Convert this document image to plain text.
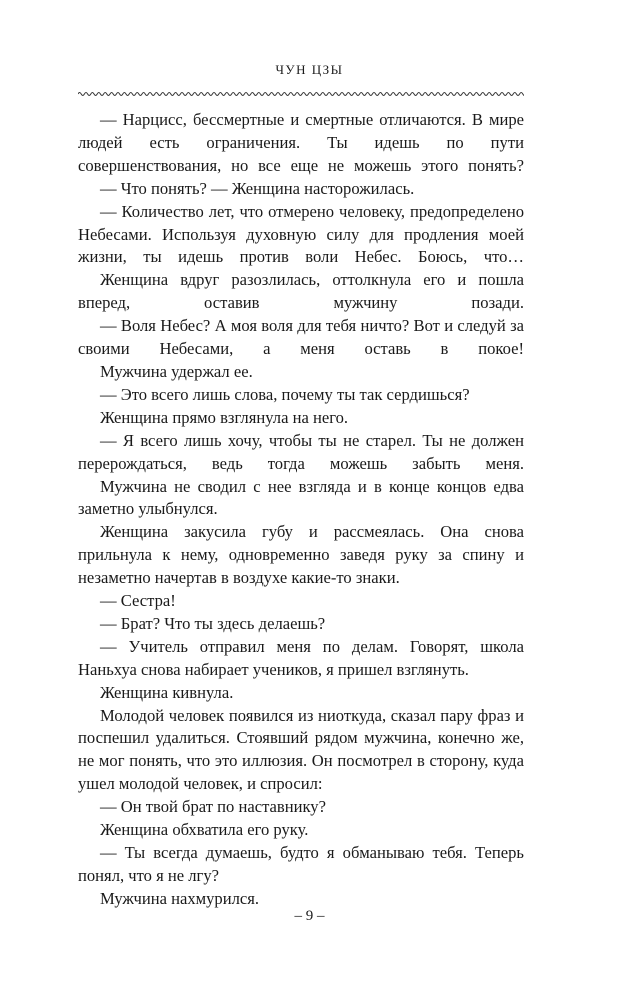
ЧУН ЦЗЫ

— Нарцисс, бессмертные и смертные отличаются. В мире людей есть ограничения. Ты идешь по пути совершенствования, но все еще не можешь этого понять?

— Что понять? — Женщина насторожилась.

— Количество лет, что отмерено человеку, предопределено Небесами. Используя духовную силу для продления моей жизни, ты идешь против воли Небес. Боюсь, что…

Женщина вдруг разозлилась, оттолкнула его и пошла вперед, оставив мужчину позади.

— Воля Небес? А моя воля для тебя ничто? Вот и следуй за своими Небесами, а меня оставь в покое!

Мужчина удержал ее.

— Это всего лишь слова, почему ты так сердишься?

Женщина прямо взглянула на него.

— Я всего лишь хочу, чтобы ты не старел. Ты не должен перерождаться, ведь тогда можешь забыть меня.

Мужчина не сводил с нее взгляда и в конце концов едва заметно улыбнулся.

Женщина закусила губу и рассмеялась. Она снова прильнула к нему, одновременно заведя руку за спину и незаметно начертав в воздухе какие-то знаки.

— Сестра!

— Брат? Что ты здесь делаешь?

— Учитель отправил меня по делам. Говорят, школа Наньхуа снова набирает учеников, я пришел взглянуть.

Женщина кивнула.

Молодой человек появился из ниоткуда, сказал пару фраз и поспешил удалиться. Стоявший рядом мужчина, конечно же, не мог понять, что это иллюзия. Он посмотрел в сторону, куда ушел молодой человек, и спросил:

— Он твой брат по наставнику?

Женщина обхватила его руку.

— Ты всегда думаешь, будто я обманываю тебя. Теперь понял, что я не лгу?

Мужчина нахмурился.

– 9 –
